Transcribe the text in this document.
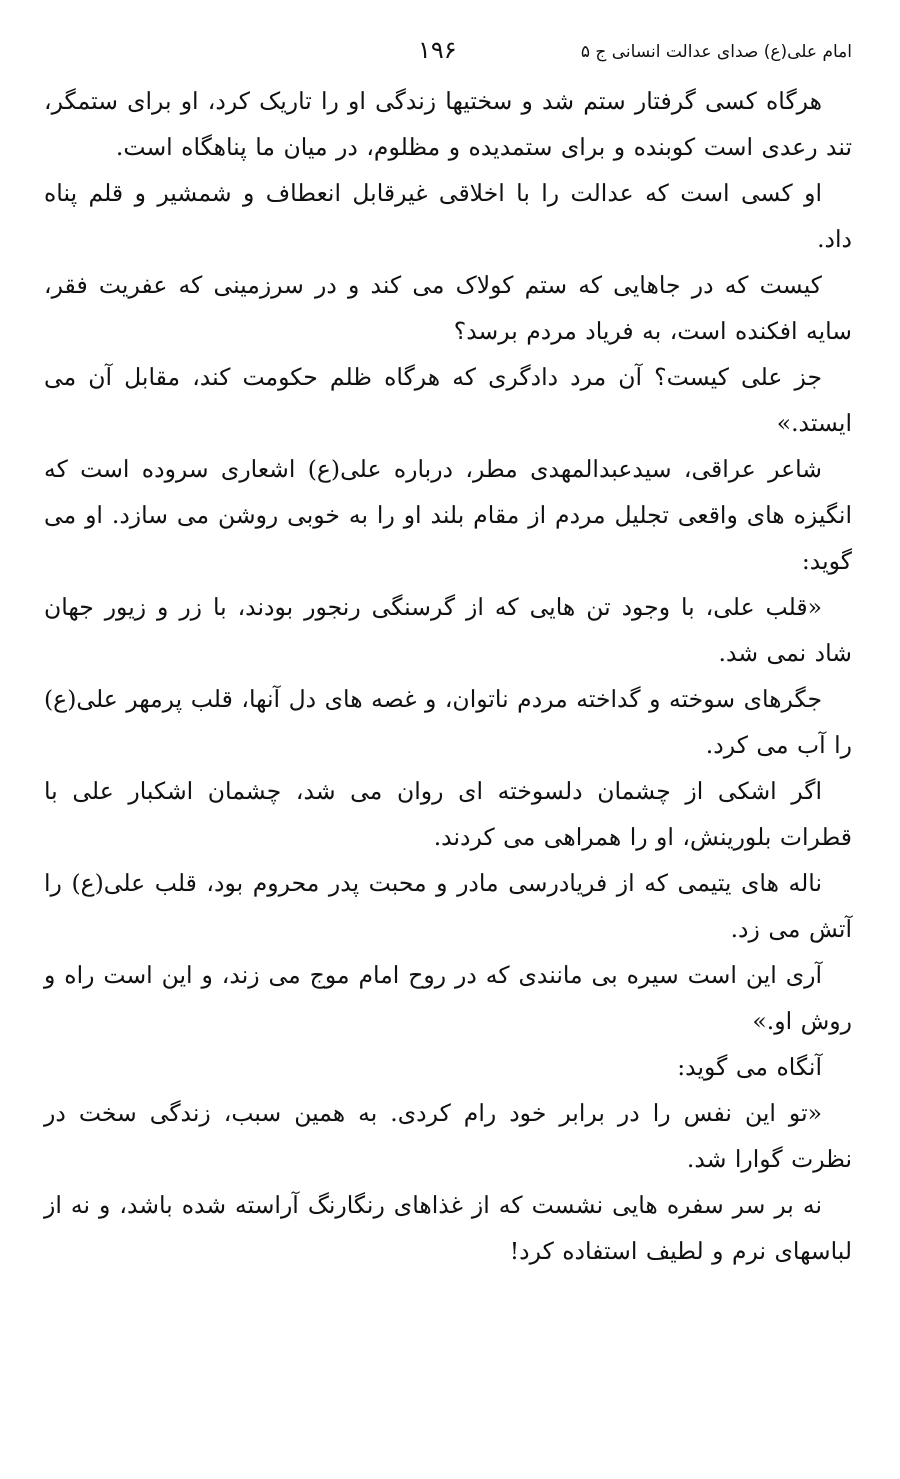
امام علی(ع) صدای عدالت انسانی ج ۵
۱۹۶

هرگاه کسی گرفتار ستم شد و سختیها زندگی او را تاریک کرد، او برای ستمگر، تند رعدی است کوبنده و برای ستمدیده و مظلوم، در میان ما پناهگاه است.

او کسی است که عدالت را با اخلاقی غیرقابل انعطاف و شمشیر و قلم پناه داد.

کیست که در جاهایی که ستم کولاک می کند و در سرزمینی که عفریت فقر، سایه افکنده است، به فریاد مردم برسد؟

جز علی کیست؟ آن مرد دادگری که هرگاه ظلم حکومت کند، مقابل آن می ایستد.»

شاعر عراقی، سیدعبدالمهدی مطر، درباره علی(ع) اشعاری سروده است که انگیزه های واقعی تجلیل مردم از مقام بلند او را به خوبی روشن می سازد. او می گوید:

«قلب علی، با وجود تن هایی که از گرسنگی رنجور بودند، با زر و زیور جهان شاد نمی شد.

جگرهای سوخته و گداخته مردم ناتوان، و غصه های دل آنها، قلب پرمهر علی(ع) را آب می کرد.

اگر اشکی از چشمان دلسوخته ای روان می شد، چشمان اشکبار علی با قطرات بلورینش، او را همراهی می کردند.

ناله های یتیمی که از فریادرسی مادر و محبت پدر محروم بود، قلب علی(ع) را آتش می زد.

آری این است سیره بی مانندی که در روح امام موج می زند، و این است راه و روش او.»

آنگاه می گوید:

«تو این نفس را در برابر خود رام کردی. به همین سبب، زندگی سخت در نظرت گوارا شد.

نه بر سر سفره هایی نشست که از غذاهای رنگارنگ آراسته شده باشد، و نه از لباسهای نرم و لطیف استفاده کرد!
